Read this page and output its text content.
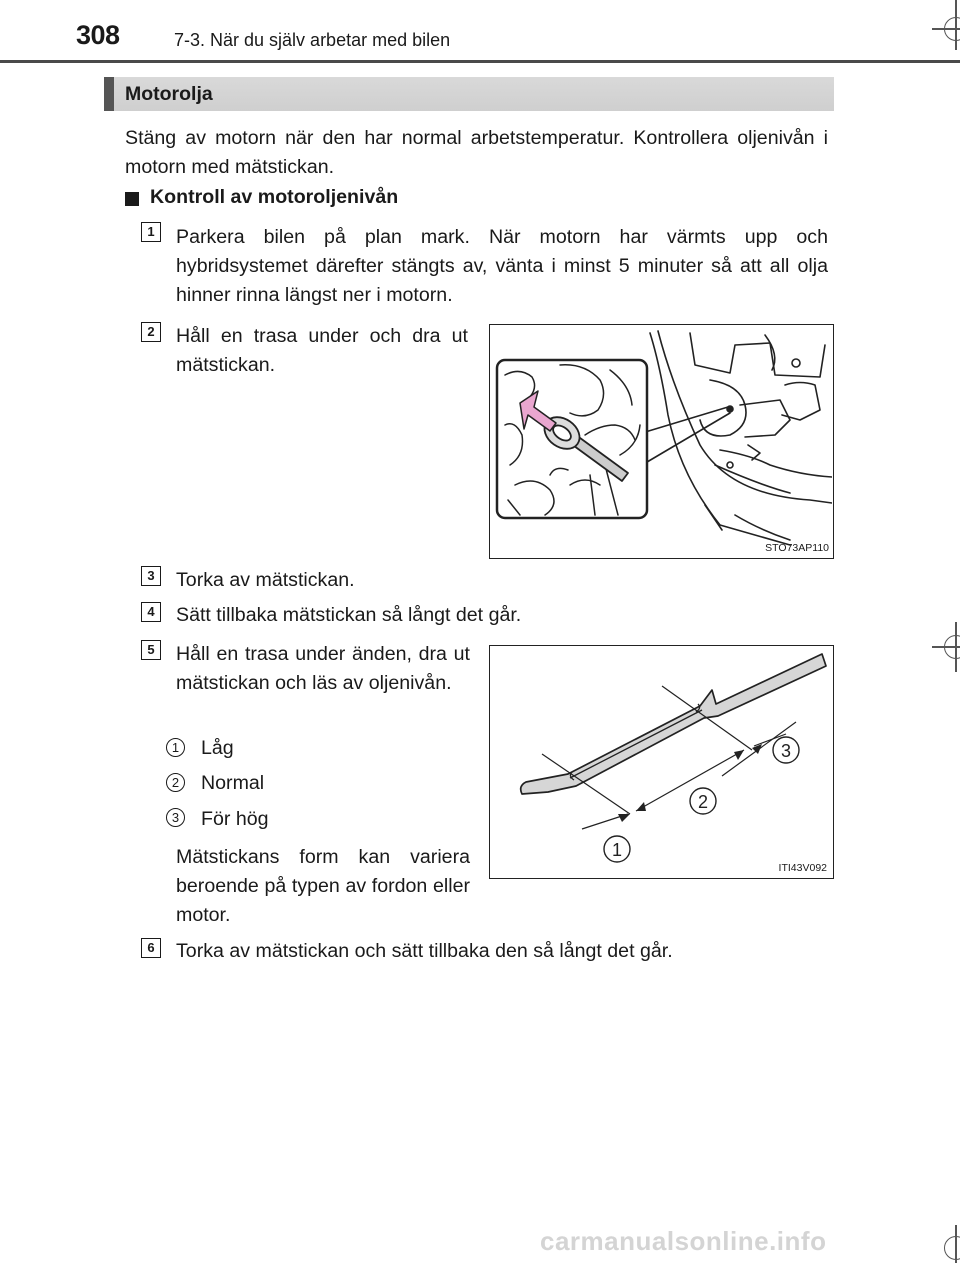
308	7-3. När du själv arbetar med bilen
Motorolja
Stäng av motorn när den har normal arbetstemperatur. Kontrollera oljenivån i motorn med mätstickan.
Kontroll av motoroljenivån
1	Parkera bilen på plan mark. När motorn har värmts upp och hybridsystemet därefter stängts av, vänta i minst 5 minuter så att all olja hinner rinna längst ner i motorn.
2	Håll en trasa under och dra ut mätstickan.
STO73AP110
3	Torka av mätstickan.
4	Sätt tillbaka mätstickan så långt det går.
5	Håll en trasa under änden, dra ut mätstickan och läs av oljenivån.
1	Låg
2	Normal
3	För hög
Mätstickans form kan variera beroende på typen av fordon eller motor.
1
2
3
ITI43V092
6	Torka av mätstickan och sätt tillbaka den så långt det går.
carmanualsonline.info
